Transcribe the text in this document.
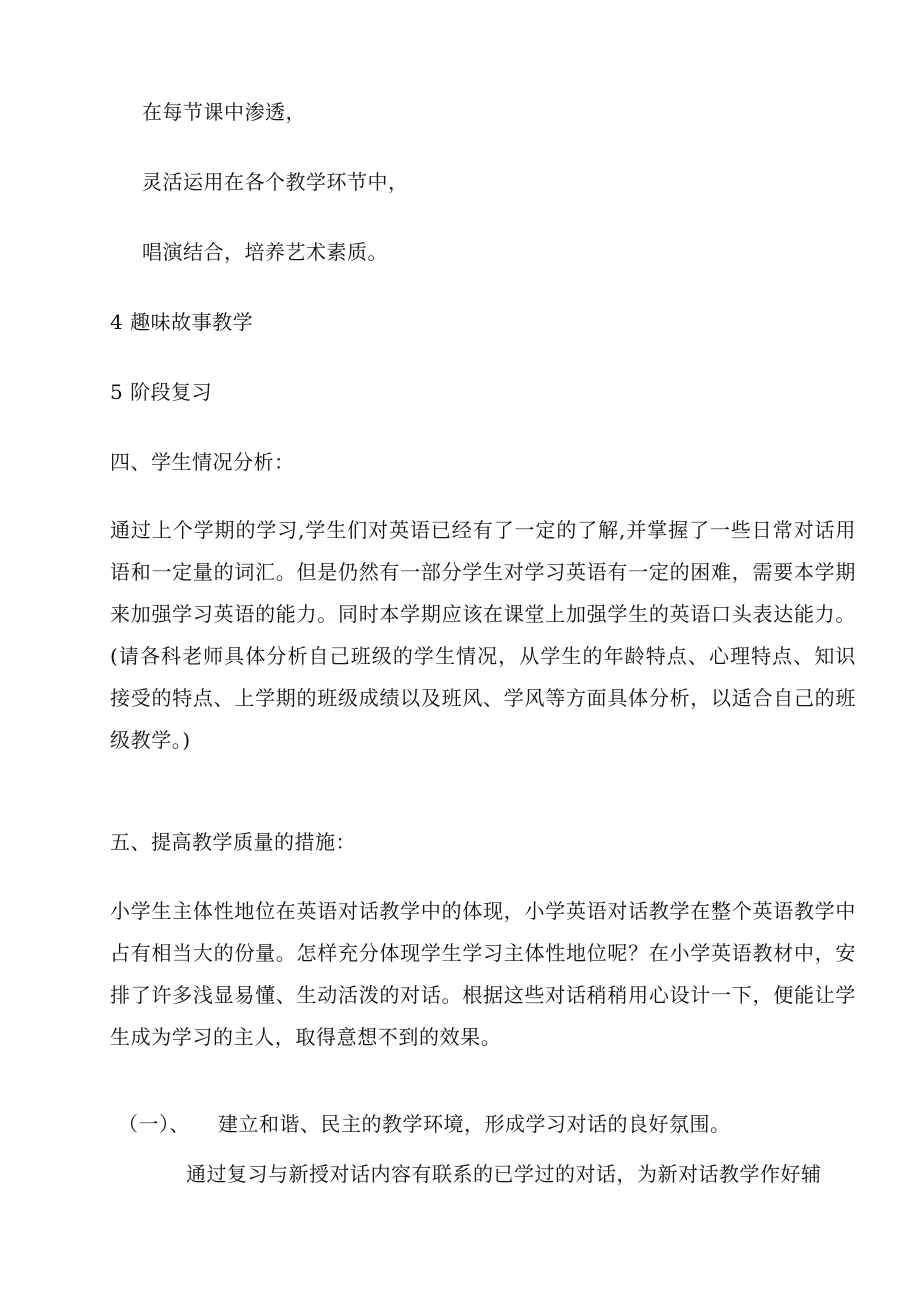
在每节课中渗透，
灵活运用在各个教学环节中，
唱演结合，培养艺术素质。
4 趣味故事教学
5 阶段复习
四、学生情况分析：

通过上个学期的学习,学生们对英语已经有了一定的了解,并掌握了一些日常对话用语和一定量的词汇。但是仍然有一部分学生对学习英语有一定的困难，需要本学期来加强学习英语的能力。同时本学期应该在课堂上加强学生的英语口头表达能力。(请各科老师具体分析自己班级的学生情况，从学生的年龄特点、心理特点、知识接受的特点、上学期的班级成绩以及班风、学风等方面具体分析，以适合自己的班级教学。)

五、提高教学质量的措施：

小学生主体性地位在英语对话教学中的体现，小学英语对话教学在整个英语教学中占有相当大的份量。怎样充分体现学生学习主体性地位呢？在小学英语教材中，安排了许多浅显易懂、生动活泼的对话。根据这些对话稍稍用心设计一下，便能让学生成为学习的主人，取得意想不到的效果。

（一）、 建立和谐、民主的教学环境，形成学习对话的良好氛围。
通过复习与新授对话内容有联系的已学过的对话，为新对话教学作好辅
